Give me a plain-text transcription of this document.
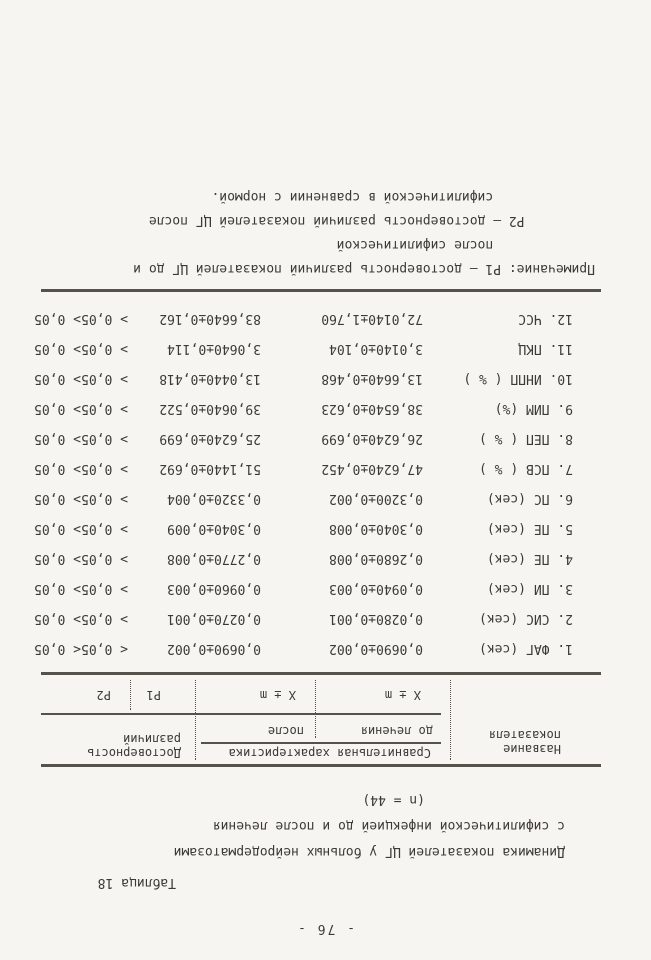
- 76 -
Таблица 18
Динамика показателей ЦГ у больных нейродерматозами
с сифилитической инфекцией до и после лечения
(n = 44)
Название
показателя
Сравнительная характеристика
до лечения
после
Достоверность
различий
X ± m
X ± m
P1
P2

1. ФАГ (сек)

0,0690±0,002

0,0690±0,002

< 0,05

< 0,05

2. СИС (сек)

0,0280±0,001

0,0270±0,001

> 0,05

> 0,05

3. ПИ (сек)

0,0940±0,003

0,0960±0,003

> 0,05

> 0,05

4. ПЕ (сек)

0,2680±0,008

0,2770±0,008

> 0,05

> 0,05

5. ПЕ (сек)

0,3040±0,008

0,3040±0,009

> 0,05

> 0,05

6. ПС (сек)

0,3200±0,002

0,3320±0,004

> 0,05

> 0,05

7. ПСВ ( % )

47,6240±0,452

51,1440±0,692

> 0,05

> 0,05

8. ПЕП ( % )

26,6240±0,699

25,6240±0,699

> 0,05

> 0,05

9. ПИМ (%)

38,6540±0,623

39,0640±0,522

> 0,05

> 0,05

10. ИНПП ( % )

13,6640±0,468

13,0440±0,418

> 0,05

> 0,05

11. ПКЦ

3,0140±0,104

3,0640±0,114

> 0,05

> 0,05

12. ЧСС

72,0140±1,760

83,6640±0,162

> 0,05

> 0,05

Примечание: P1 – достоверность различий показателей ЦГ до и
после сифилитической
P2 – достоверность различий показателей ЦГ после
сифилитической в сравнении с нормой.
